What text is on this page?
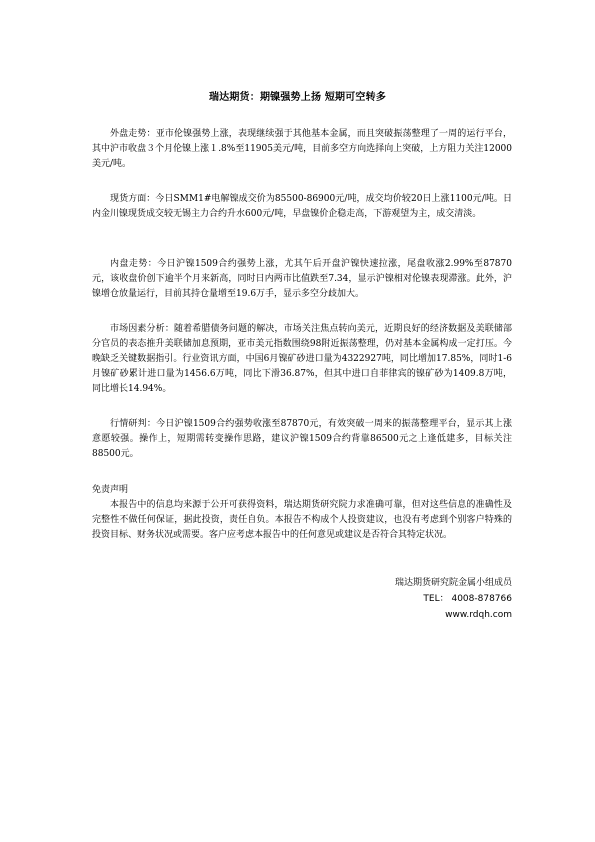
瑞达期货：期镍强势上扬 短期可空转多

外盘走势：亚市伦镍强势上涨，表现继续强于其他基本金属，而且突破振荡整理了一周的运行平台，其中沪市收盘３个月伦镍上涨１.8%至11905美元/吨，目前多空方向选择向上突破，上方阻力关注12000美元/吨。

现货方面：今日SMM1#电解镍成交价为85500-86900元/吨，成交均价较20日上涨1100元/吨。日内金川镍现货成交较无锡主力合约升水600元/吨，早盘镍价企稳走高，下游观望为主，成交清淡。

内盘走势：今日沪镍1509合约强势上涨，尤其午后开盘沪镍快速拉涨，尾盘收涨2.99%至87870元，该收盘价创下逾半个月来新高，同时日内两市比值跌至7.34，显示沪镍相对伦镍表现滞涨。此外，沪镍增仓放量运行，目前其持仓量增至19.6万手，显示多空分歧加大。

市场因素分析：随着希腊债务问题的解决，市场关注焦点转向美元，近期良好的经济数据及美联储部分官员的表态推升美联储加息预期，亚市美元指数围绕98附近振荡整理，仍对基本金属构成一定打压。今晚缺乏关键数据指引。行业资讯方面，中国6月镍矿砂进口量为4322927吨，同比增加17.85%，同时1-6月镍矿砂累计进口量为1456.6万吨，同比下滑36.87%，但其中进口自菲律宾的镍矿砂为1409.8万吨，同比增长14.94%。

行情研判：今日沪镍1509合约强势收涨至87870元，有效突破一周来的振荡整理平台，显示其上涨意愿较强。操作上，短期需转变操作思路，建议沪镍1509合约背靠86500元之上逢低建多，目标关注88500元。

免责声明

本报告中的信息均来源于公开可获得资料，瑞达期货研究院力求准确可靠，但对这些信息的准确性及完整性不做任何保证，据此投资，责任自负。本报告不构成个人投资建议，也没有考虑到个别客户特殊的投资目标、财务状况或需要。客户应考虑本报告中的任何意见或建议是否符合其特定状况。

瑞达期货研究院金属小组成员
TEL： 4008-878766
www.rdqh.com
